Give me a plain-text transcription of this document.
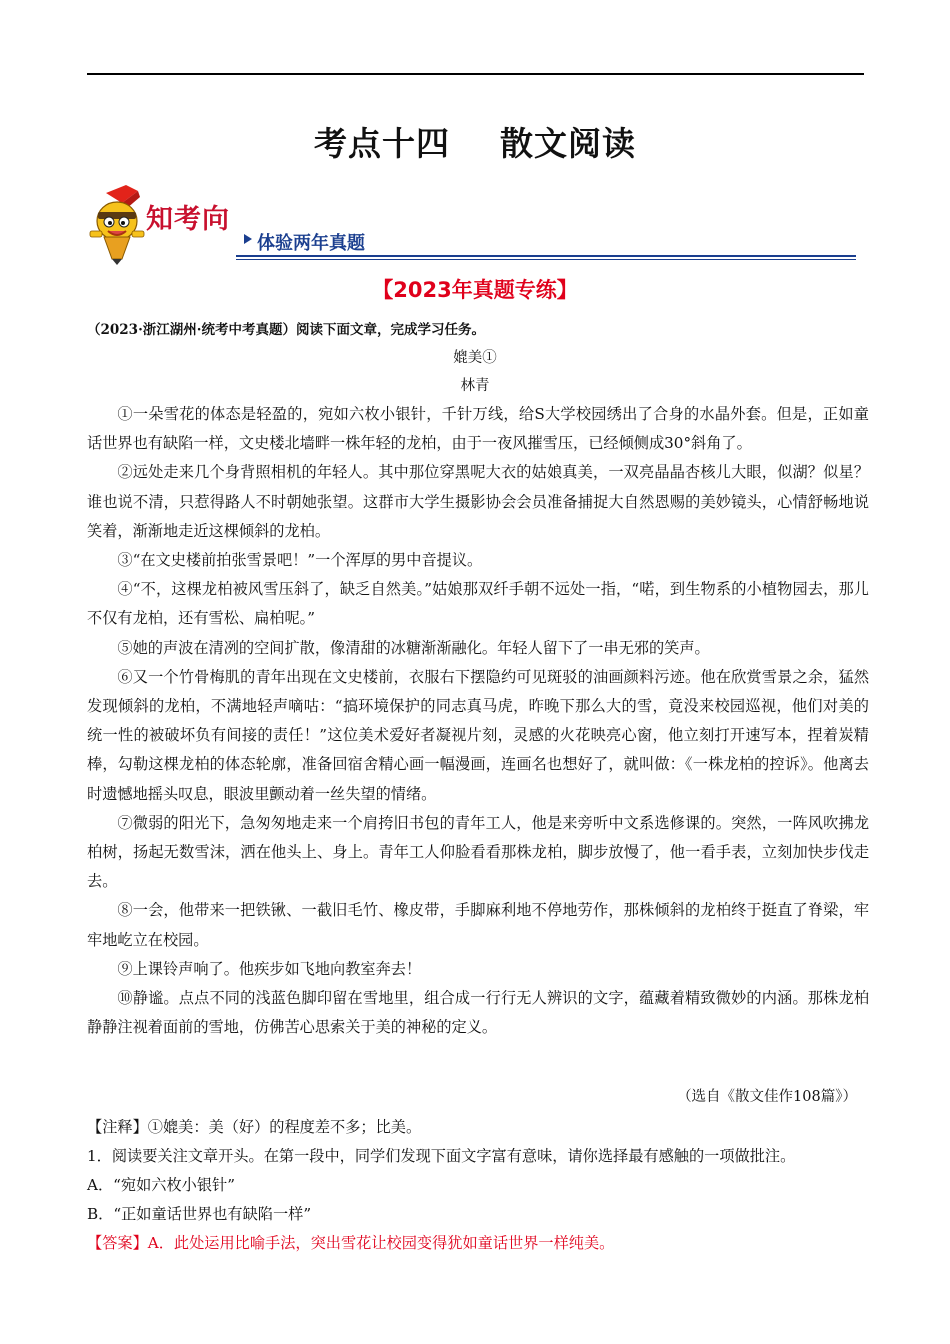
考点十四    散文阅读
知考向
体验两年真题
【2023年真题专练】
（2023·浙江湖州·统考中考真题）阅读下面文章，完成学习任务。
媲美①
林青

①一朵雪花的体态是轻盈的，宛如六枚小银针，千针万线，给S大学校园绣出了合身的水晶外套。但是，正如童话世界也有缺陷一样，文史楼北墙畔一株年轻的龙柏，由于一夜风摧雪压，已经倾侧成30°斜角了。

②远处走来几个身背照相机的年轻人。其中那位穿黑呢大衣的姑娘真美，一双亮晶晶杏核儿大眼，似湖？似星？谁也说不清，只惹得路人不时朝她张望。这群市大学生摄影协会会员准备捕捉大自然恩赐的美妙镜头，心情舒畅地说笑着，渐渐地走近这棵倾斜的龙柏。

③“在文史楼前拍张雪景吧！”一个浑厚的男中音提议。

④“不，这棵龙柏被风雪压斜了，缺乏自然美。”姑娘那双纤手朝不远处一指，“喏，到生物系的小植物园去，那儿不仅有龙柏，还有雪松、扁柏呢。”

⑤她的声波在清冽的空间扩散，像清甜的冰糖渐渐融化。年轻人留下了一串无邪的笑声。

⑥又一个竹骨梅肌的青年出现在文史楼前，衣服右下摆隐约可见斑驳的油画颜料污迹。他在欣赏雪景之余，猛然发现倾斜的龙柏，不满地轻声嘀咕：“搞环境保护的同志真马虎，昨晚下那么大的雪，竟没来校园巡视，他们对美的统一性的被破坏负有间接的责任！”这位美术爱好者凝视片刻，灵感的火花映亮心窗，他立刻打开速写本，捏着炭精棒，勾勒这棵龙柏的体态轮廓，准备回宿舍精心画一幅漫画，连画名也想好了，就叫做：《一株龙柏的控诉》。他离去时遗憾地摇头叹息，眼波里颤动着一丝失望的情绪。

⑦微弱的阳光下，急匆匆地走来一个肩挎旧书包的青年工人，他是来旁听中文系选修课的。突然，一阵风吹拂龙柏树，扬起无数雪沫，洒在他头上、身上。青年工人仰脸看看那株龙柏，脚步放慢了，他一看手表，立刻加快步伐走去。

⑧一会，他带来一把铁锹、一截旧毛竹、橡皮带，手脚麻利地不停地劳作，那株倾斜的龙柏终于挺直了脊梁，牢牢地屹立在校园。

⑨上课铃声响了。他疾步如飞地向教室奔去！

⑩静谧。点点不同的浅蓝色脚印留在雪地里，组合成一行行无人辨识的文字，蕴藏着精致微妙的内涵。那株龙柏静静注视着面前的雪地，仿佛苦心思索关于美的神秘的定义。

（选自《散文佳作108篇》）
【注释】①媲美：美（好）的程度差不多；比美。
1．阅读要关注文章开头。在第一段中，同学们发现下面文字富有意味，请你选择最有感触的一项做批注。
A．“宛如六枚小银针”
B．“正如童话世界也有缺陷一样”
【答案】A．此处运用比喻手法，突出雪花让校园变得犹如童话世界一样纯美。
